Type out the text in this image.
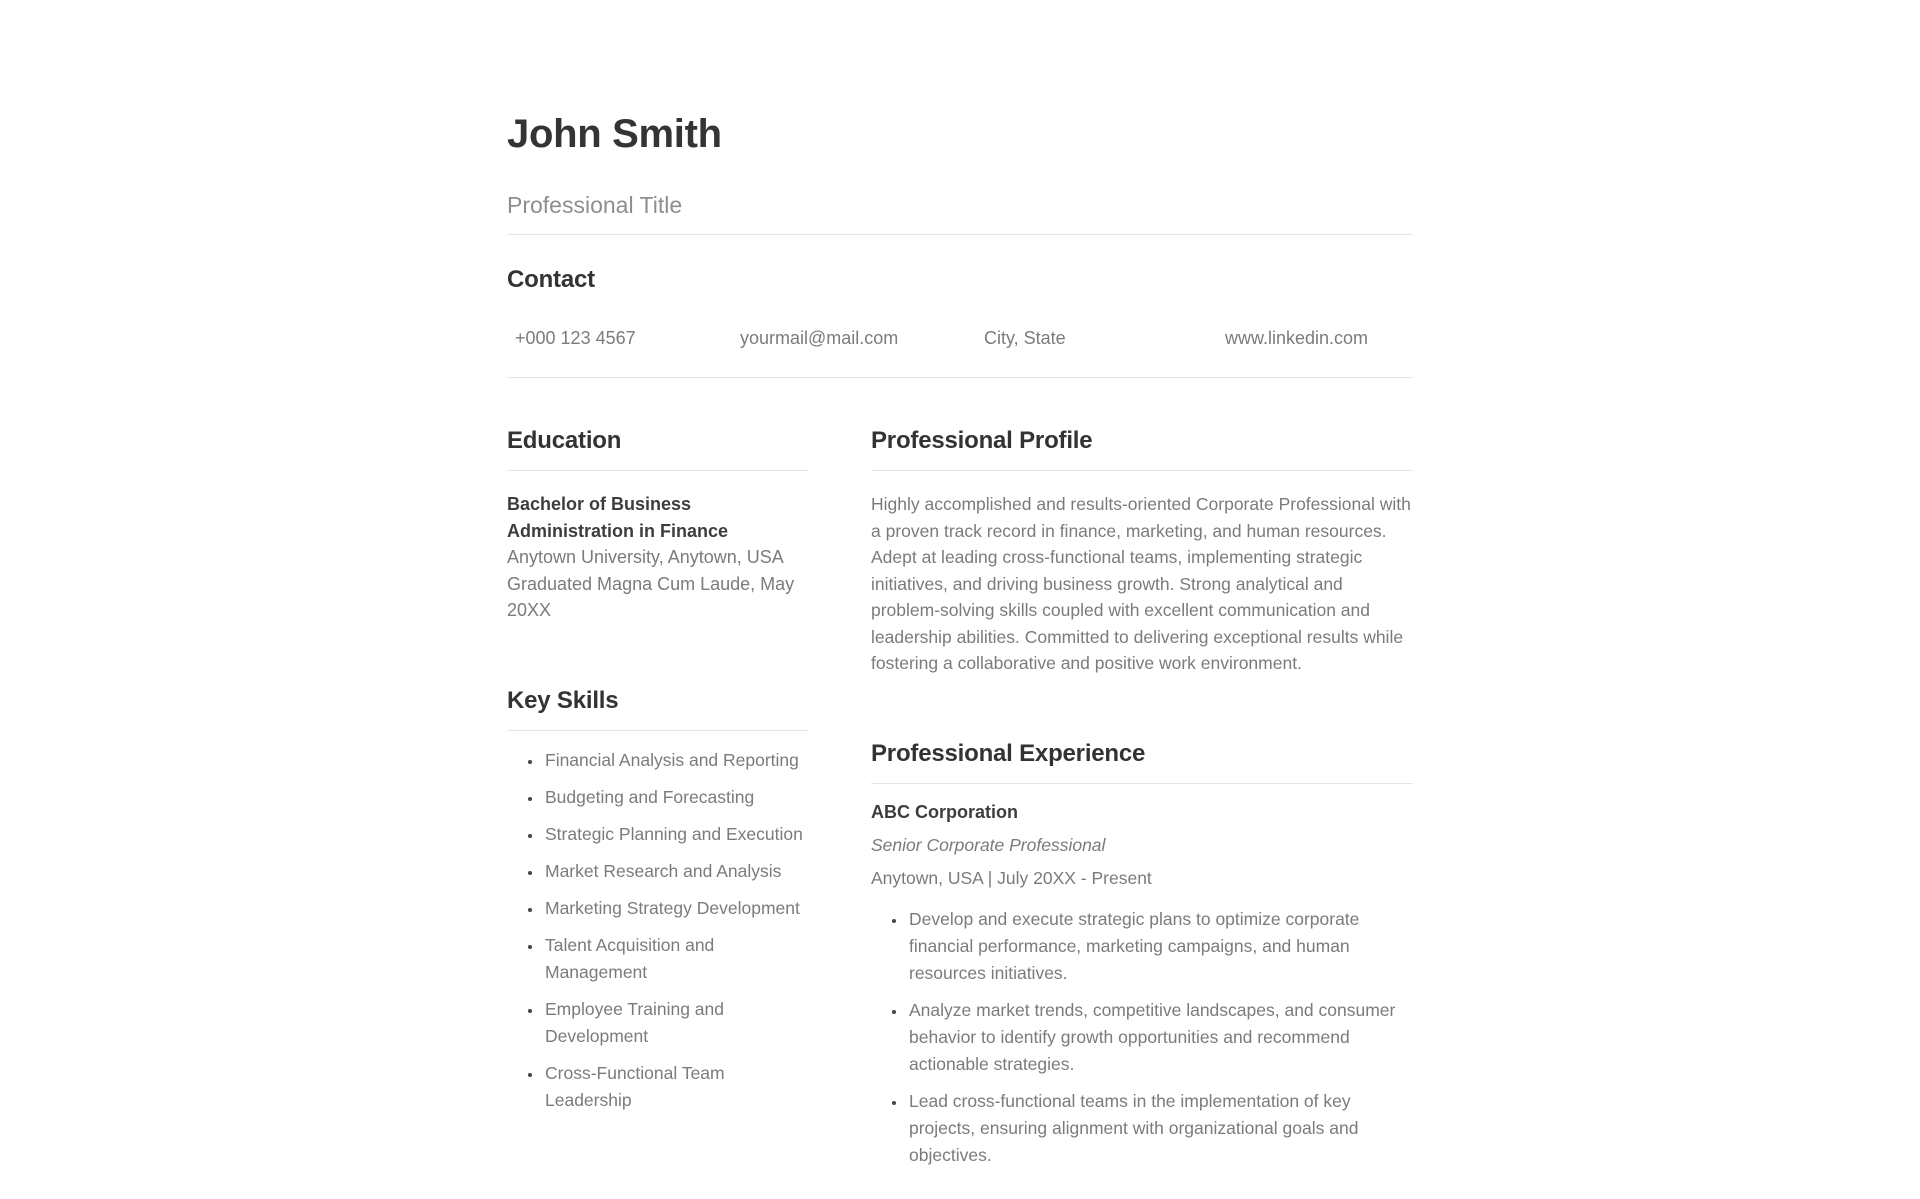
John Smith
Professional Title
Contact
+000 123 4567	yourmail@mail.com	City, State	www.linkedin.com
Education
Bachelor of Business Administration in Finance
Anytown University, Anytown, USA
Graduated Magna Cum Laude, May 20XX
Key Skills
• Financial Analysis and Reporting
• Budgeting and Forecasting
• Strategic Planning and Execution
• Market Research and Analysis
• Marketing Strategy Development
• Talent Acquisition and Management
• Employee Training and Development
• Cross-Functional Team Leadership
Professional Profile

Highly accomplished and results-oriented Corporate Professional with a proven track record in finance, marketing, and human resources. Adept at leading cross-functional teams, implementing strategic initiatives, and driving business growth. Strong analytical and problem-solving skills coupled with excellent communication and leadership abilities. Committed to delivering exceptional results while fostering a collaborative and positive work environment.

Professional Experience
ABC Corporation
Senior Corporate Professional
Anytown, USA | July 20XX - Present
• Develop and execute strategic plans to optimize corporate financial performance, marketing campaigns, and human resources initiatives.
• Analyze market trends, competitive landscapes, and consumer behavior to identify growth opportunities and recommend actionable strategies.
• Lead cross-functional teams in the implementation of key projects, ensuring alignment with organizational goals and objectives.
